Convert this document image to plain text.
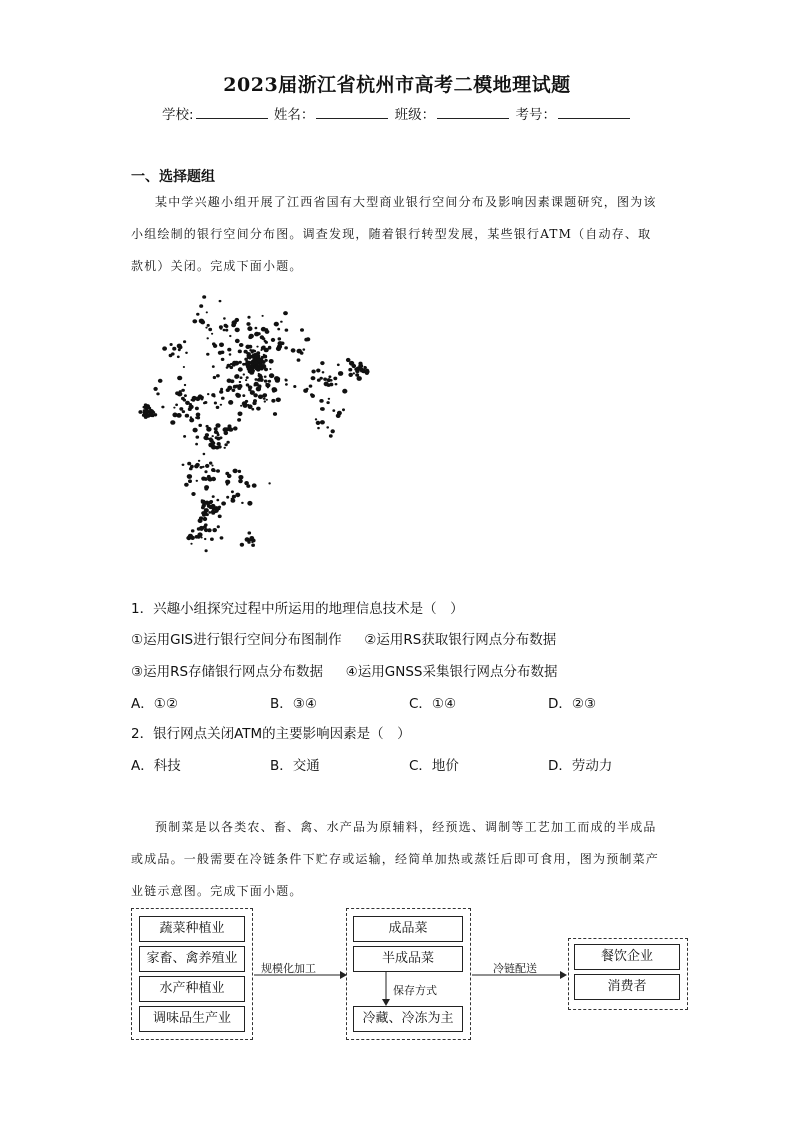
2023届浙江省杭州市高考二模地理试题
学校:	姓名：	班级：	考号：
一、选择题组
某中学兴趣小组开展了江西省国有大型商业银行空间分布及影响因素课题研究，图为该小组绘制的银行空间分布图。调查发现，随着银行转型发展，某些银行ATM（自动存、取款机）关闭。完成下面小题。
1．兴趣小组探究过程中所运用的地理信息技术是（　）
①运用GIS进行银行空间分布图制作 ②运用RS获取银行网点分布数据
③运用RS存储银行网点分布数据 ④运用GNSS采集银行网点分布数据
A．①②	B．③④	C．①④	D．②③
2．银行网点关闭ATM的主要影响因素是（　）
A．科技	B．交通	C．地价	D．劳动力
预制菜是以各类农、畜、禽、水产品为原辅料，经预选、调制等工艺加工而成的半成品或成品。一般需要在冷链条件下贮存或运输，经简单加热或蒸饪后即可食用，图为预制菜产业链示意图。完成下面小题。
蔬菜种植业
家畜、禽养殖业
水产种植业
调味品生产业
规模化加工
成品菜
半成品菜
保存方式
冷藏、冷冻为主
冷链配送
餐饮企业
消费者
